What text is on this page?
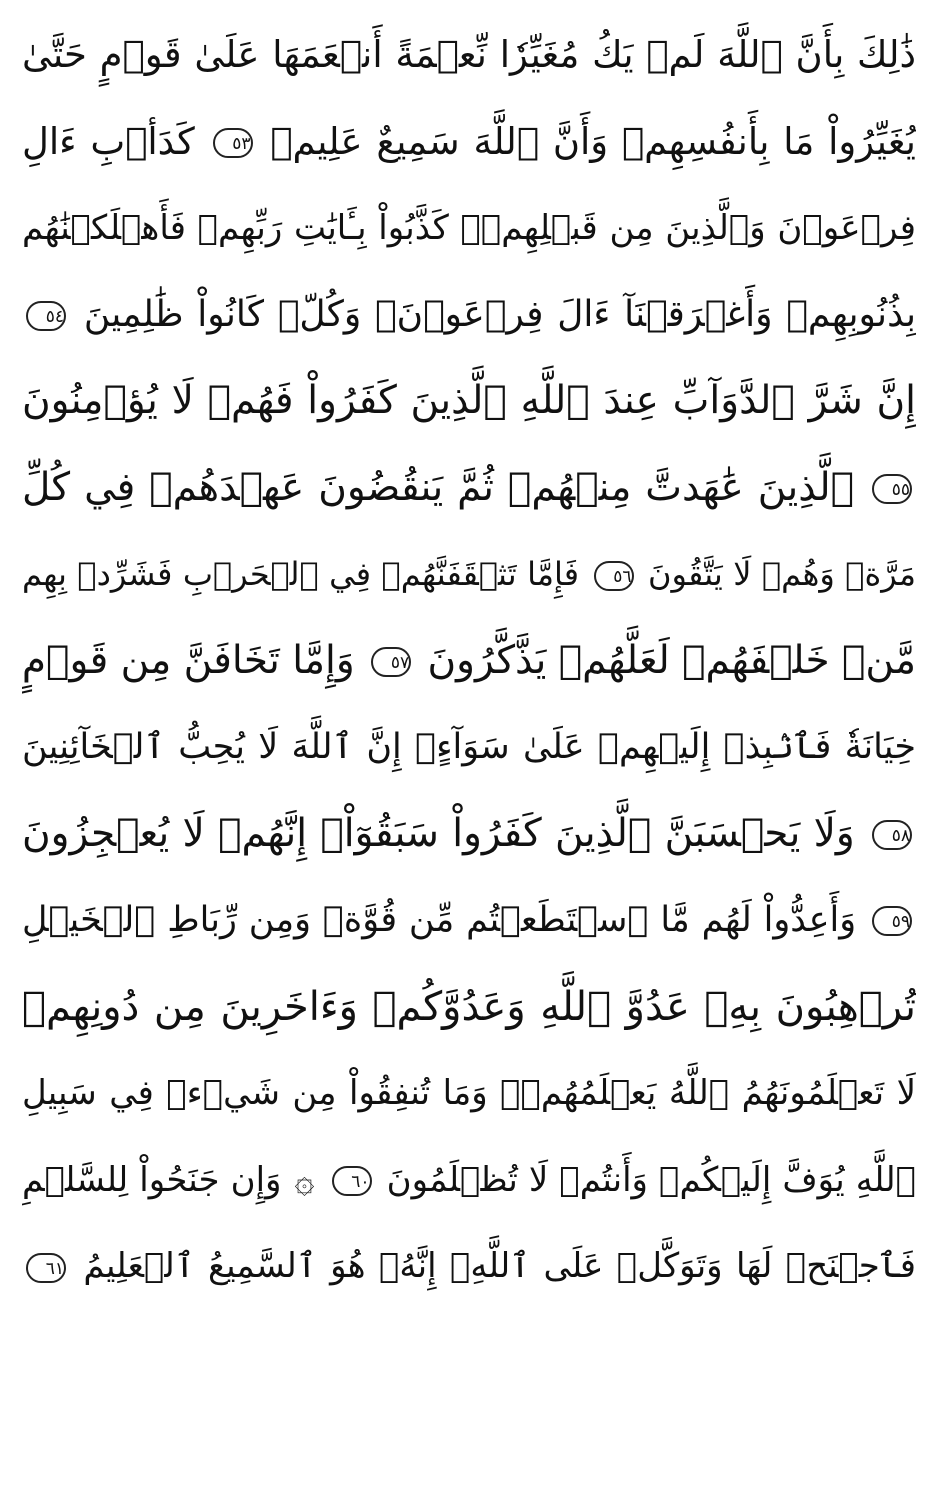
ذَٰلِكَ بِأَنَّ ٱللَّهَ لَمۡ يَكُ مُغَيِّرٗا نِّعۡمَةً أَنۡعَمَهَا عَلَىٰ قَوۡمٍ حَتَّىٰ
يُغَيِّرُواْ مَا بِأَنفُسِهِمۡ وَأَنَّ ٱللَّهَ سَمِيعٌ عَلِيمٞ ٥٣ كَدَأۡبِ ءَالِ
فِرۡعَوۡنَ وَٱلَّذِينَ مِن قَبۡلِهِمۡۚ كَذَّبُواْ بِـَٔايَٰتِ رَبِّهِمۡ فَأَهۡلَكۡنَٰهُم
بِذُنُوبِهِمۡ وَأَغۡرَقۡنَآ ءَالَ فِرۡعَوۡنَۚ وَكُلّٞ كَانُواْ ظَٰلِمِينَ ٥٤
إِنَّ شَرَّ ٱلدَّوَآبِّ عِندَ ٱللَّهِ ٱلَّذِينَ كَفَرُواْ فَهُمۡ لَا يُؤۡمِنُونَ
٥٥ ٱلَّذِينَ عَٰهَدتَّ مِنۡهُمۡ ثُمَّ يَنقُضُونَ عَهۡدَهُمۡ فِي كُلِّ
مَرَّةٖ وَهُمۡ لَا يَتَّقُونَ ٥٦ فَإِمَّا تَثۡقَفَنَّهُمۡ فِي ٱلۡحَرۡبِ فَشَرِّدۡ بِهِم
مَّنۡ خَلۡفَهُمۡ لَعَلَّهُمۡ يَذَّكَّرُونَ ٥٧ وَإِمَّا تَخَافَنَّ مِن قَوۡمٍ
خِيَانَةٗ فَٱنۢبِذۡ إِلَيۡهِمۡ عَلَىٰ سَوَآءٍۚ إِنَّ ٱللَّهَ لَا يُحِبُّ ٱلۡخَآئِنِينَ
٥٨ وَلَا يَحۡسَبَنَّ ٱلَّذِينَ كَفَرُواْ سَبَقُوٓاْۚ إِنَّهُمۡ لَا يُعۡجِزُونَ
٥٩ وَأَعِدُّواْ لَهُم مَّا ٱسۡتَطَعۡتُم مِّن قُوَّةٖ وَمِن رِّبَاطِ ٱلۡخَيۡلِ
تُرۡهِبُونَ بِهِۦ عَدُوَّ ٱللَّهِ وَعَدُوَّكُمۡ وَءَاخَرِينَ مِن دُونِهِمۡ
لَا تَعۡلَمُونَهُمُ ٱللَّهُ يَعۡلَمُهُمۡۚ وَمَا تُنفِقُواْ مِن شَيۡءٖ فِي سَبِيلِ
ٱللَّهِ يُوَفَّ إِلَيۡكُمۡ وَأَنتُمۡ لَا تُظۡلَمُونَ ٦٠ ۞ وَإِن جَنَحُواْ لِلسَّلۡمِ
فَٱجۡنَحۡ لَهَا وَتَوَكَّلۡ عَلَى ٱللَّهِۚ إِنَّهُۥ هُوَ ٱلسَّمِيعُ ٱلۡعَلِيمُ ٦١
